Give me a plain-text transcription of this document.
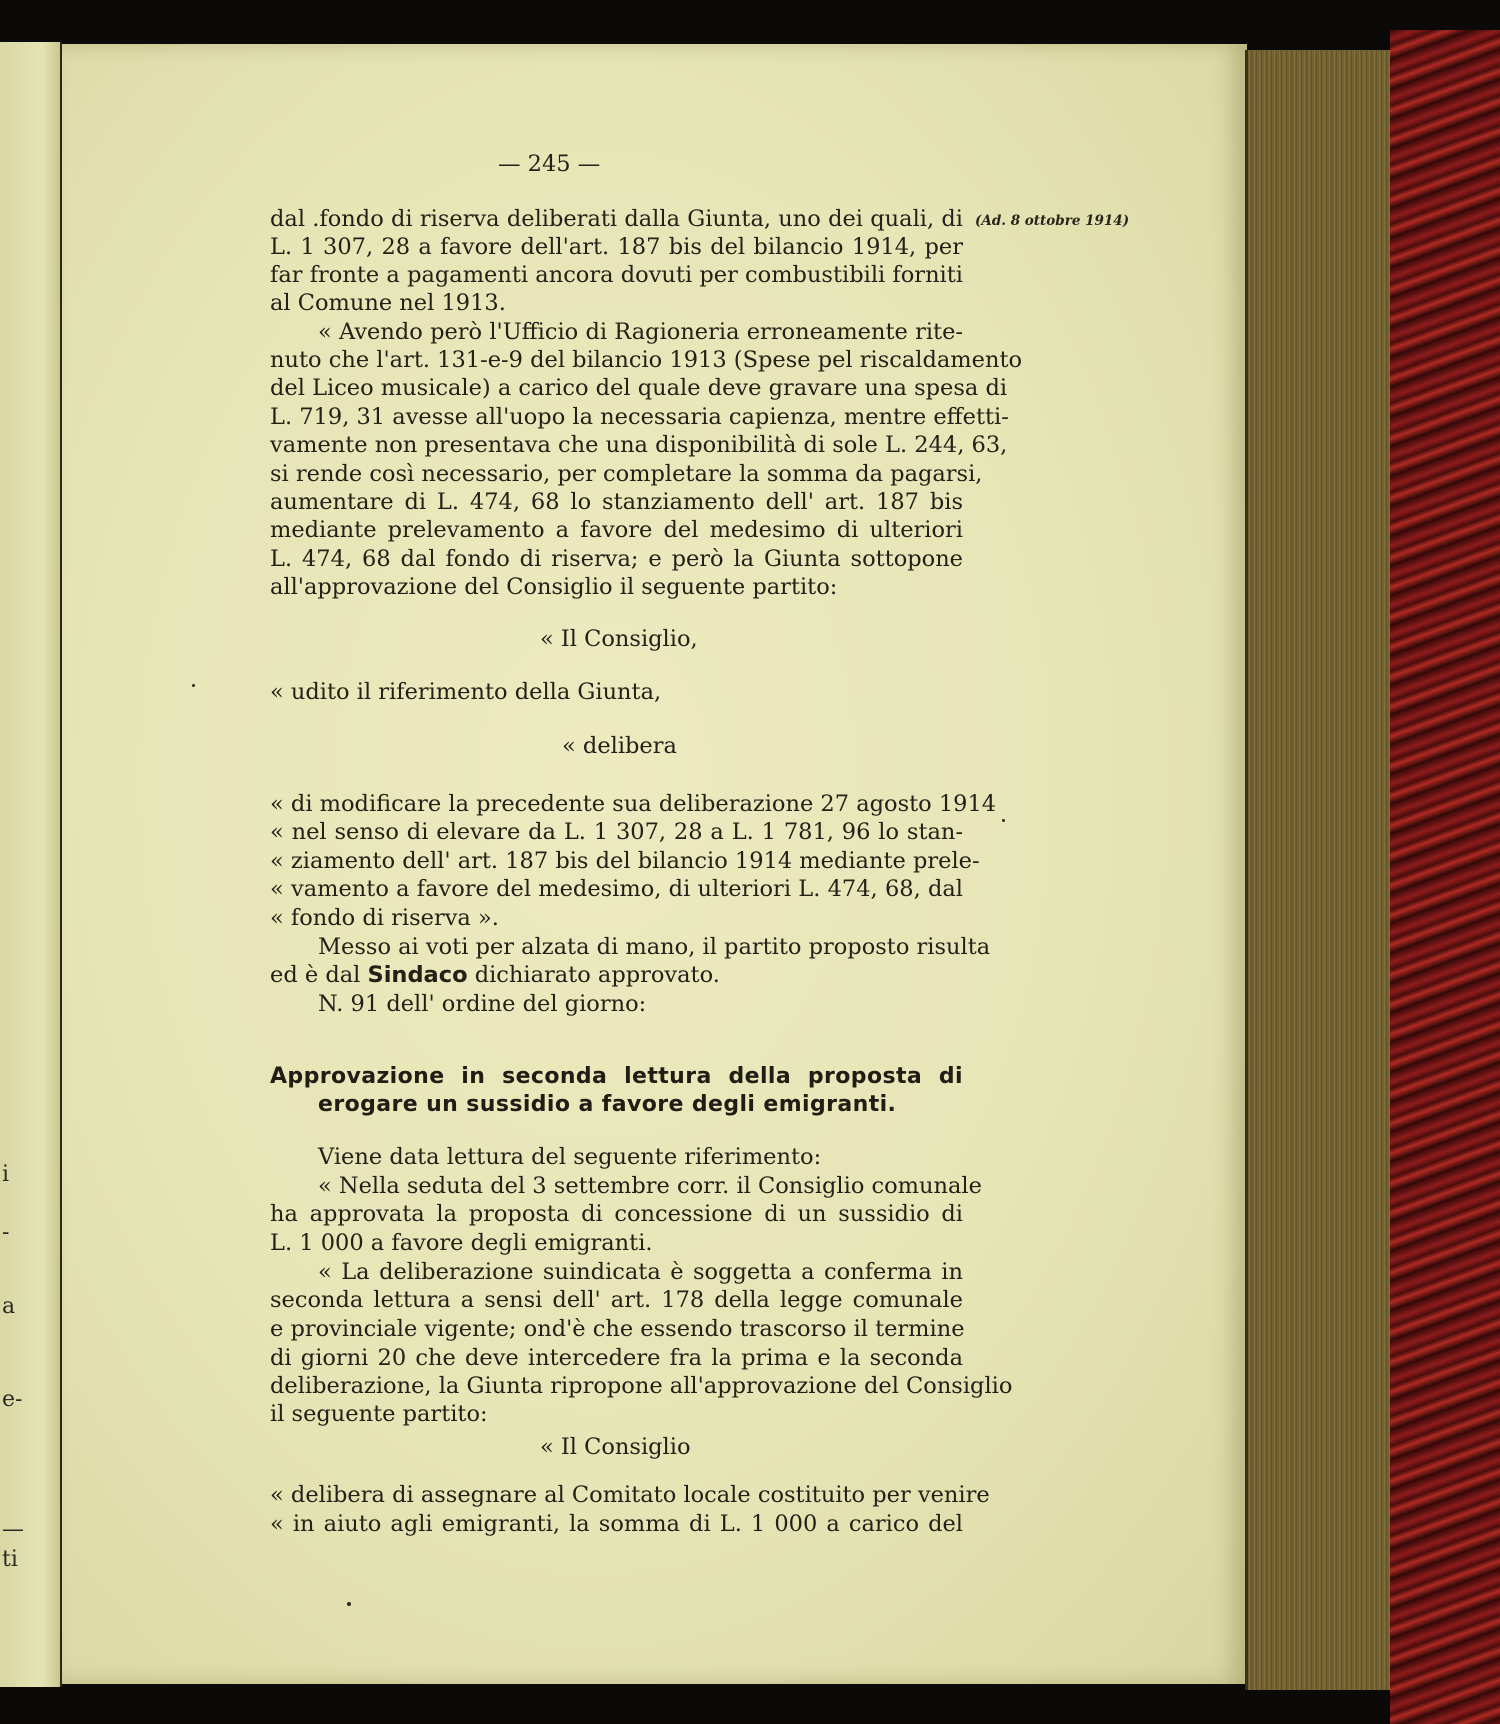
i
-
a
e-
—
ti
— 245 —
(Ad. 8 ottobre 1914)
dal .fondo di riserva deliberati dalla Giunta, uno dei quali, di
L. 1 307, 28 a favore dell'art. 187 bis del bilancio 1914, per
far fronte a pagamenti ancora dovuti per combustibili forniti
al Comune nel 1913.
« Avendo però l'Ufficio di Ragioneria erroneamente rite-
nuto che l'art. 131-e-9 del bilancio 1913 (Spese pel riscaldamento
del Liceo musicale) a carico del quale deve gravare una spesa di
L. 719, 31 avesse all'uopo la necessaria capienza, mentre effetti-
vamente non presentava che una disponibilità di sole L. 244, 63,
si rende così necessario, per completare la somma da pagarsi,
aumentare di L. 474, 68 lo stanziamento dell' art. 187 bis
mediante prelevamento a favore del medesimo di ulteriori
L. 474, 68 dal fondo di riserva; e però la Giunta sottopone
all'approvazione del Consiglio il seguente partito:
« Il Consiglio,
« udito il riferimento della Giunta,
« delibera
« di modificare la precedente sua deliberazione 27 agosto 1914
« nel senso di elevare da L. 1 307, 28 a L. 1 781, 96 lo stan-
« ziamento dell' art. 187 bis del bilancio 1914 mediante prele-
« vamento a favore del medesimo, di ulteriori L. 474, 68, dal
« fondo di riserva ».
Messo ai voti per alzata di mano, il partito proposto risulta
ed è dal Sindaco dichiarato approvato.
N. 91 dell' ordine del giorno:
Approvazione in seconda lettura della proposta di
erogare un sussidio a favore degli emigranti.
Viene data lettura del seguente riferimento:
« Nella seduta del 3 settembre corr. il Consiglio comunale
ha approvata la proposta di concessione di un sussidio di
L. 1 000 a favore degli emigranti.
« La deliberazione suindicata è soggetta a conferma in
seconda lettura a sensi dell' art. 178 della legge comunale
e provinciale vigente; ond'è che essendo trascorso il termine
di giorni 20 che deve intercedere fra la prima e la seconda
deliberazione, la Giunta ripropone all'approvazione del Consiglio
il seguente partito:
« Il Consiglio
« delibera di assegnare al Comitato locale costituito per venire
« in aiuto agli emigranti, la somma di L. 1 000 a carico del
